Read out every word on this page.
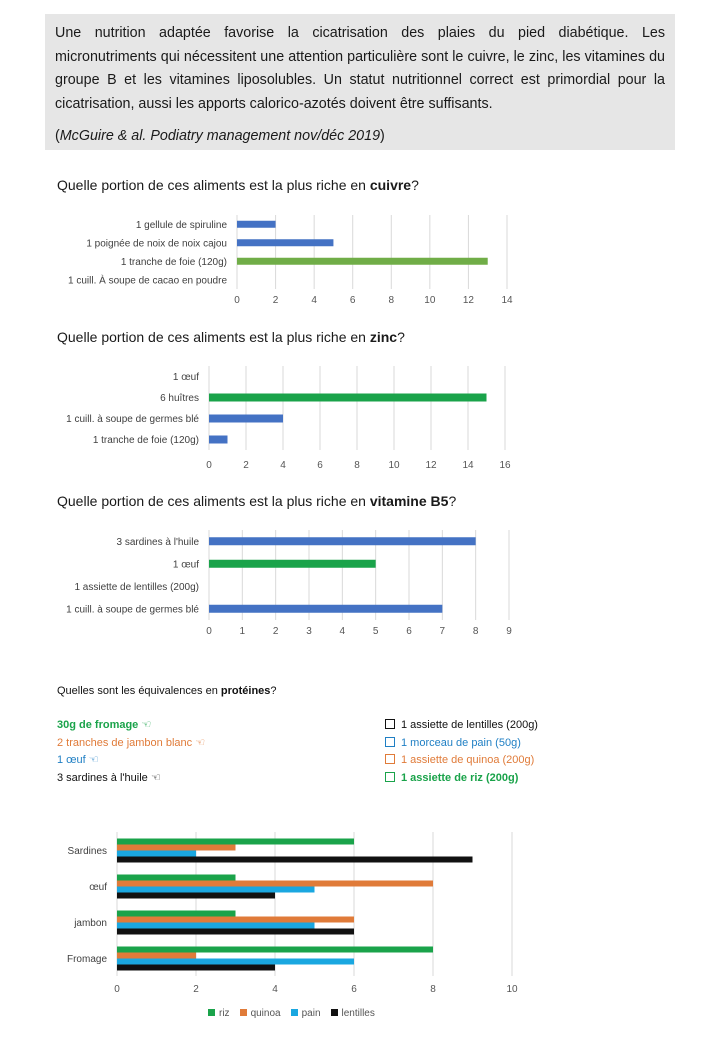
Une nutrition adaptée favorise la cicatrisation des plaies du pied diabétique. Les micronutriments qui nécessitent une attention particulière sont le cuivre, le zinc, les vitamines du groupe B et les vitamines liposolubles. Un statut nutritionnel correct est primordial pour la cicatrisation, aussi les apports calorico-azotés doivent être suffisants.

(McGuire & al. Podiatry management nov/déc 2019)

Quelle portion de ces aliments est la plus riche en cuivre?

0	2	4	6	8	10	12	14
1 gellule de spiruline
1 poignée de noix de noix cajou
1 tranche de foie (120g)
1 cuill. À soupe de cacao en poudre

Quelle portion de ces aliments est la plus riche en zinc?

0	2	4	6	8	10	12	14	16
1 œuf
6 huîtres
1 cuill. à soupe de germes blé
1 tranche de foie (120g)

Quelle portion de ces aliments est la plus riche en vitamine B5?

0	1	2	3	4	5	6	7	8	9
3 sardines à l'huile
1 œuf
1 assiette de lentilles (200g)
1 cuill. à soupe de germes blé
Quelles sont les équivalences en protéines?
30g de fromage ☜
2 tranches de jambon blanc ☜
1 œuf ☜
3 sardines à l'huile ☜
1 assiette de lentilles (200g)
1 morceau de pain (50g)
1 assiette de quinoa (200g)
1 assiette de riz (200g)
0	2	4	6	8	10
Sardines
œuf
jambon
Fromage
riz	quinoa	pain	lentilles
